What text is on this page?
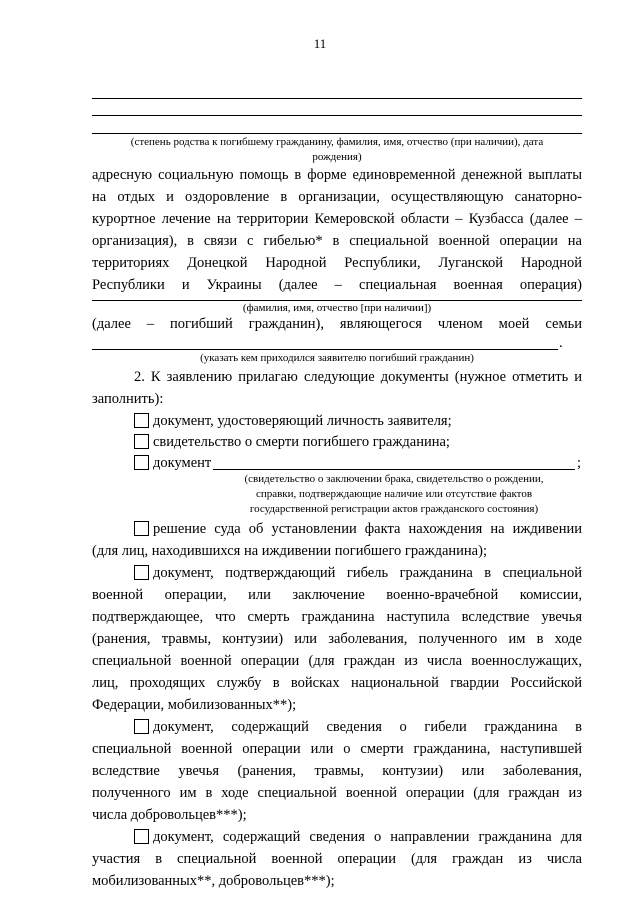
11
(степень родства к погибшему гражданину, фамилия, имя, отчество (при наличии), дата
рождения)
адресную социальную помощь в форме единовременной денежной выплаты
на отдых и оздоровление в организации, осуществляющую санаторно-
курортное лечение на территории Кемеровской области – Кузбасса (далее –
организация), в связи с гибелью* в специальной военной операции на
территориях Донецкой Народной Республики, Луганской Народной
Республики и Украины (далее – специальная военная операция)
(фамилия, имя, отчество [при наличии])
(далее – погибший гражданин), являющегося членом моей семьи
.
(указать кем приходился заявителю погибший гражданин)
2. К заявлению прилагаю следующие документы (нужное отметить и
заполнить):
документ, удостоверяющий личность заявителя;
свидетельство о смерти погибшего гражданина;
документ	;
(свидетельство о заключении брака, свидетельство о рождении,
справки, подтверждающие наличие или отсутствие фактов
государственной регистрации актов гражданского состояния)
решение суда об установлении факта нахождения на иждивении
(для лиц, находившихся на иждивении погибшего гражданина);
документ, подтверждающий гибель гражданина в специальной
военной операции, или заключение военно-врачебной комиссии,
подтверждающее, что смерть гражданина наступила вследствие увечья
(ранения, травмы, контузии) или заболевания, полученного им в ходе
специальной военной операции (для граждан из числа военнослужащих,
лиц, проходящих службу в войсках национальной гвардии Российской
Федерации, мобилизованных**);
документ, содержащий сведения о гибели гражданина в
специальной военной операции или о смерти гражданина, наступившей
вследствие увечья (ранения, травмы, контузии) или заболевания,
полученного им в ходе специальной военной операции (для граждан из
числа добровольцев***);
документ, содержащий сведения о направлении гражданина для
участия в специальной военной операции (для граждан из числа
мобилизованных**, добровольцев***);
